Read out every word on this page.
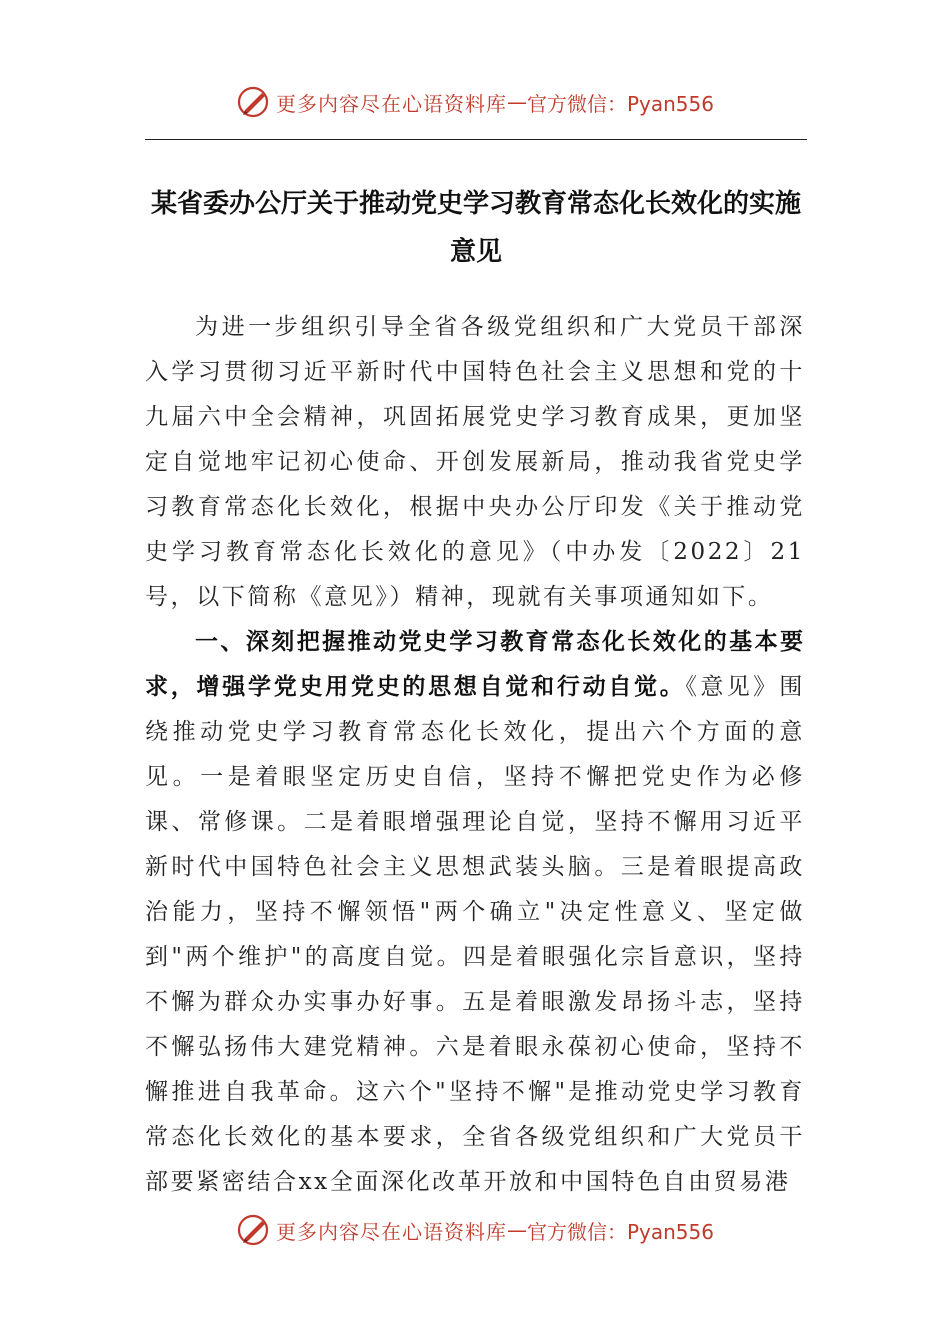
更多内容尽在心语资料库 — 官方微信：Pyan556
某省委办公厅关于推动党史学习教育常态化长效化的实施意见

为进一步组织引导全省各级党组织和广大党员干部深入学习贯彻习近平新时代中国特色社会主义思想和党的十九届六中全会精神，巩固拓展党史学习教育成果，更加坚定自觉地牢记初心使命、开创发展新局，推动我省党史学习教育常态化长效化，根据中央办公厅印发《关于推动党史学习教育常态化长效化的意见》（中办发〔2022〕21号，以下简称《意见》）精神，现就有关事项通知如下。

一、深刻把握推动党史学习教育常态化长效化的基本要求，增强学党史用党史的思想自觉和行动自觉。《意见》围绕推动党史学习教育常态化长效化，提出六个方面的意见。一是着眼坚定历史自信，坚持不懈把党史作为必修课、常修课。二是着眼增强理论自觉，坚持不懈用习近平新时代中国特色社会主义思想武装头脑。三是着眼提高政治能力，坚持不懈领悟"两个确立"决定性意义、坚定做到"两个维护"的高度自觉。四是着眼强化宗旨意识，坚持不懈为群众办实事办好事。五是着眼激发昂扬斗志，坚持不懈弘扬伟大建党精神。六是着眼永葆初心使命，坚持不懈推进自我革命。这六个"坚持不懈"是推动党史学习教育常态化长效化的基本要求，全省各级党组织和广大党员干部要紧密结合xx全面深化改革开放和中国特色自由贸易港

更多内容尽在心语资料库 — 官方微信：Pyan556
